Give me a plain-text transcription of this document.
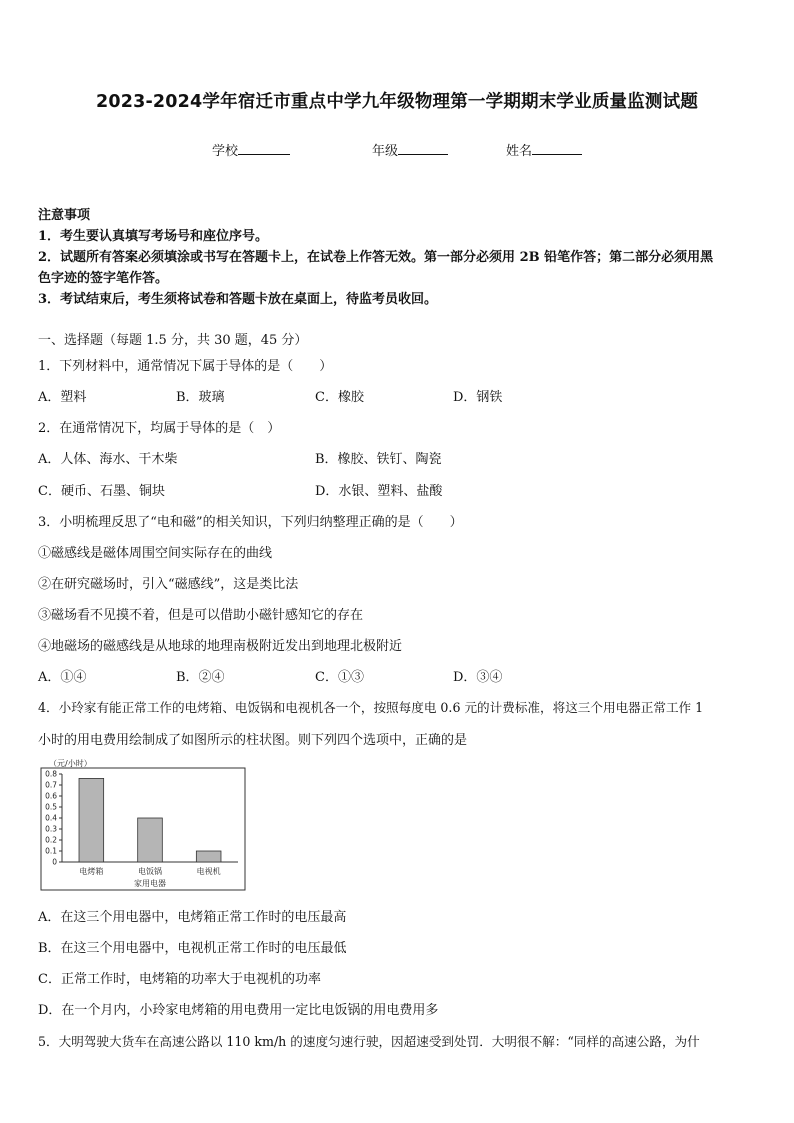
2023-2024学年宿迁市重点中学九年级物理第一学期期末学业质量监测试题
学校	年级	姓名
注意事项
1．考生要认真填写考场号和座位序号。
2．试题所有答案必须填涂或书写在答题卡上，在试卷上作答无效。第一部分必须用 2B 铅笔作答；第二部分必须用黑
色字迹的签字笔作答。
3．考试结束后，考生须将试卷和答题卡放在桌面上，待监考员收回。
一、选择题（每题 1.5 分，共 30 题，45 分）
1．下列材料中，通常情况下属于导体的是（　　）
A．塑料	B．玻璃	C．橡胶	D．钢铁
2．在通常情况下，均属于导体的是（　）
A．人体、海水、干木柴	B．橡胶、铁钉、陶瓷
C．硬币、石墨、铜块	D．水银、塑料、盐酸
3．小明梳理反思了“电和磁”的相关知识，下列归纳整理正确的是（　　）
①磁感线是磁体周围空间实际存在的曲线
②在研究磁场时，引入“磁感线”，这是类比法
③磁场看不见摸不着，但是可以借助小磁针感知它的存在
④地磁场的磁感线是从地球的地理南极附近发出到地理北极附近
A．①④	B．②④	C．①③	D．③④
4．小玲家有能正常工作的电烤箱、电饭锅和电视机各一个，按照每度电 0.6 元的计费标准，将这三个用电器正常工作 1
小时的用电费用绘制成了如图所示的柱状图。则下列四个选项中，正确的是
（元/小时）
0
0.1
0.2
0.3
0.4
0.5
0.6
0.7
0.8
电烤箱	电饭锅	电视机
家用电器
A．在这三个用电器中，电烤箱正常工作时的电压最高
B．在这三个用电器中，电视机正常工作时的电压最低
C．正常工作时，电烤箱的功率大于电视机的功率
D．在一个月内，小玲家电烤箱的用电费用一定比电饭锅的用电费用多
5．大明驾驶大货车在高速公路以 110 km/h 的速度匀速行驶，因超速受到处罚．大明很不解：“同样的高速公路，为什
